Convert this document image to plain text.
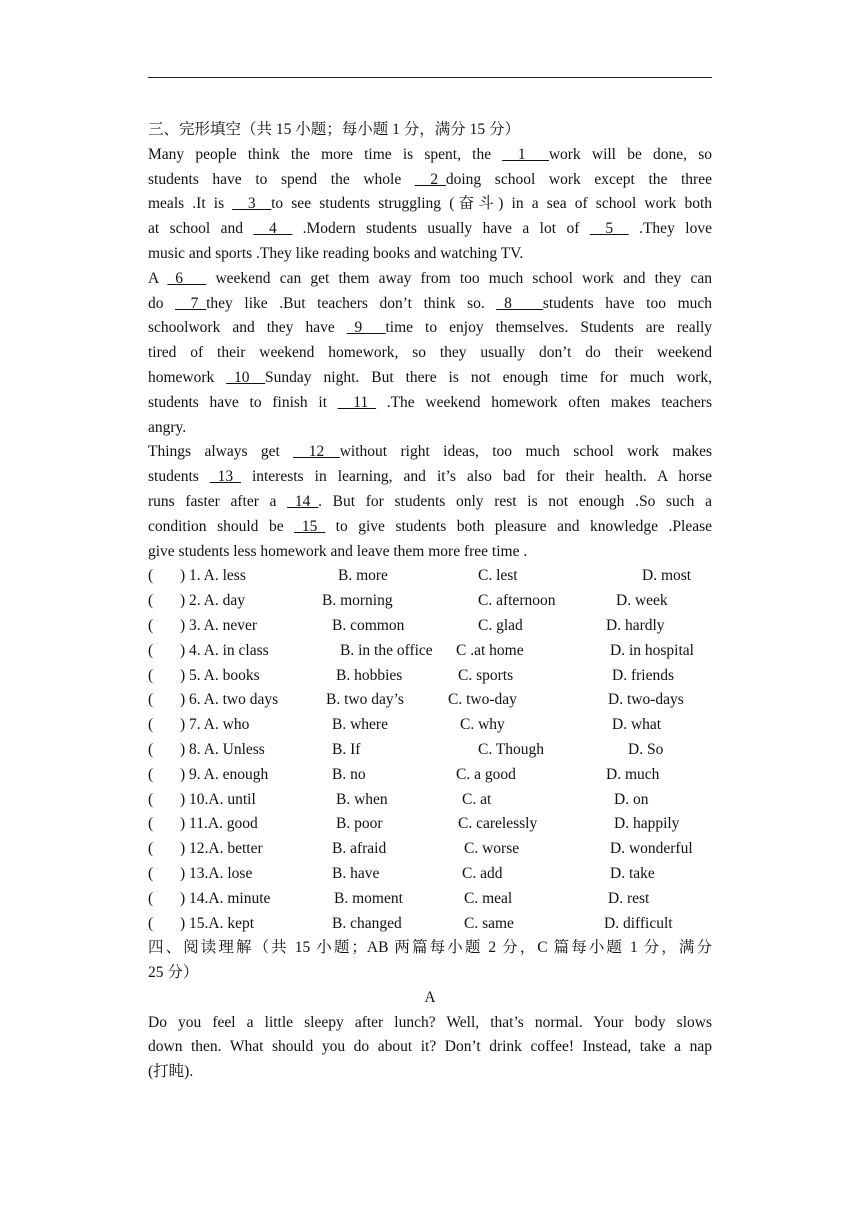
三、完形填空（共 15 小题；每小题 1 分，满分 15 分）
Many people think the more time is spent, the __1___work will be done, so
students have to spend the whole __2_doing school work except the three
meals .It is __3__to see students struggling (奋斗) in a sea of school work both
at school and __4__ .Modern students usually have a lot of __5__ .They love
music and sports .They like reading books and watching TV.
A _6___ weekend can get them away from too much school work and they can
do __7_they like .But teachers don’t think so. _8____students have too much
schoolwork and they have _9___time to enjoy themselves. Students are really
tired of their weekend homework, so they usually don’t do their weekend
homework _10__Sunday night. But there is not enough time for much work,
students have to finish it __11_ .The weekend homework often makes teachers
angry.
Things always get __12__without right ideas, too much school work makes
students _13_ interests in learning, and it’s also bad for their health. A horse
runs faster after a _14_. But for students only rest is not enough .So such a
condition should be _15_ to give students both pleasure and knowledge .Please
give students less homework and leave them more free time .
( ) 1. A. less	B. more	C. lest	D. most
( ) 2. A. day	B. morning	C. afternoon	D. week
( ) 3. A. never	B. common	C. glad	D. hardly
( ) 4. A. in class	B. in the office C .at home	D. in hospital
( ) 5. A. books	B. hobbies	C. sports	D. friends
( ) 6. A. two days	B. two day’s	C. two-day	D. two-days
( ) 7. A. who	B. where	C. why	D. what
( ) 8. A. Unless	B. If	C. Though	D. So
( ) 9. A. enough	B. no	C. a good	D. much
( ) 10.A. until	B. when	C. at	D. on
( ) 11.A. good	B. poor	C. carelessly	D. happily
( ) 12.A. better	B. afraid	C. worse	D. wonderful
( ) 13.A. lose	B. have	C. add	D. take
( ) 14.A. minute	B. moment	C. meal	D. rest
( ) 15.A. kept	B. changed	C. same	D. difficult
四、阅读理解（共 15 小题；AB 两篇每小题 2 分，C 篇每小题 1 分，满分
25 分）
A
Do you feel a little sleepy after lunch? Well, that’s normal. Your body slows
down then. What should you do about it? Don’t drink coffee! Instead, take a nap
(打盹).
